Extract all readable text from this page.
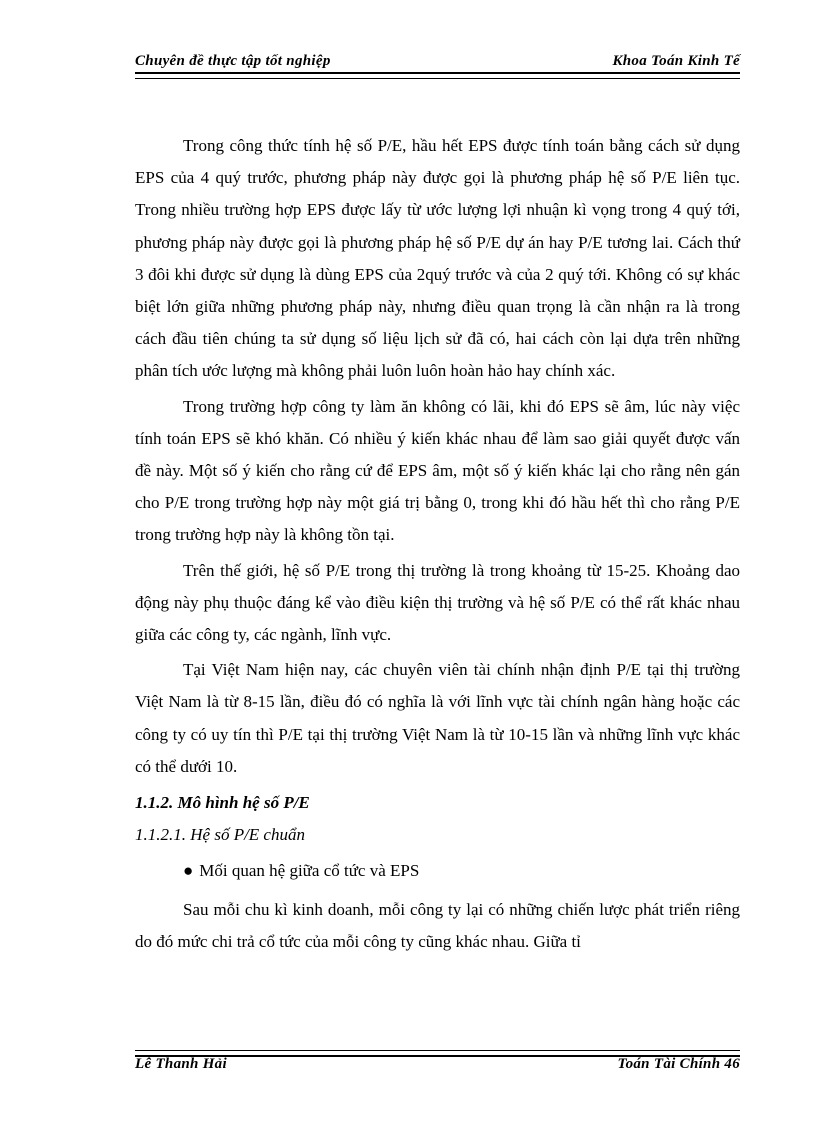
Chuyên đề thực tập tốt nghiệp	Khoa Toán Kinh Tế

Trong công thức tính hệ số P/E, hầu hết EPS được tính toán bằng cách sử dụng EPS của 4 quý trước, phương pháp này được gọi là phương pháp hệ số P/E liên tục. Trong nhiều trường hợp EPS được lấy từ ước lượng lợi nhuận kì vọng trong 4 quý tới, phương pháp này được gọi là phương pháp hệ số P/E dự án hay P/E tương lai. Cách thứ 3 đôi khi được sử dụng là dùng EPS của 2quý trước và của 2 quý tới. Không có sự khác biệt lớn giữa những phương pháp này, nhưng điều quan trọng là cần nhận ra là trong cách đầu tiên chúng ta sử dụng số liệu lịch sử đã có, hai cách còn lại dựa trên những phân tích ước lượng mà không phải luôn luôn hoàn hảo hay chính xác.

Trong trường hợp công ty làm ăn không có lãi, khi đó EPS sẽ âm, lúc này việc tính toán EPS sẽ khó khăn. Có nhiều ý kiến khác nhau để làm sao giải quyết được vấn đề này. Một số ý kiến cho rằng cứ để EPS âm, một số ý kiến khác lại cho rằng nên gán cho P/E trong trường hợp này một giá trị bằng 0, trong khi đó hầu hết thì cho rằng P/E trong trường hợp này là không tồn tại.

Trên thế giới, hệ số P/E trong thị trường là trong khoảng từ 15-25. Khoảng dao động này phụ thuộc đáng kể vào điều kiện thị trường và hệ số P/E có thể rất khác nhau giữa các công ty, các ngành, lĩnh vực.

Tại Việt Nam hiện nay, các chuyên viên tài chính nhận định P/E tại thị trường Việt Nam là từ 8-15 lần, điều đó có nghĩa là với lĩnh vực tài chính ngân hàng hoặc các công ty có uy tín thì P/E tại thị trường Việt Nam là từ 10-15 lần và những lĩnh vực khác có thể dưới 10.

1.1.2. Mô hình hệ số P/E
1.1.2.1. Hệ số P/E chuẩn
● Mối quan hệ giữa cổ tức và EPS

Sau mỗi chu kì kinh doanh, mỗi công ty lại có những chiến lược phát triển riêng do đó mức chi trả cổ tức của mỗi công ty cũng khác nhau. Giữa tỉ

Lê Thanh Hải	Toán Tài Chính 46
